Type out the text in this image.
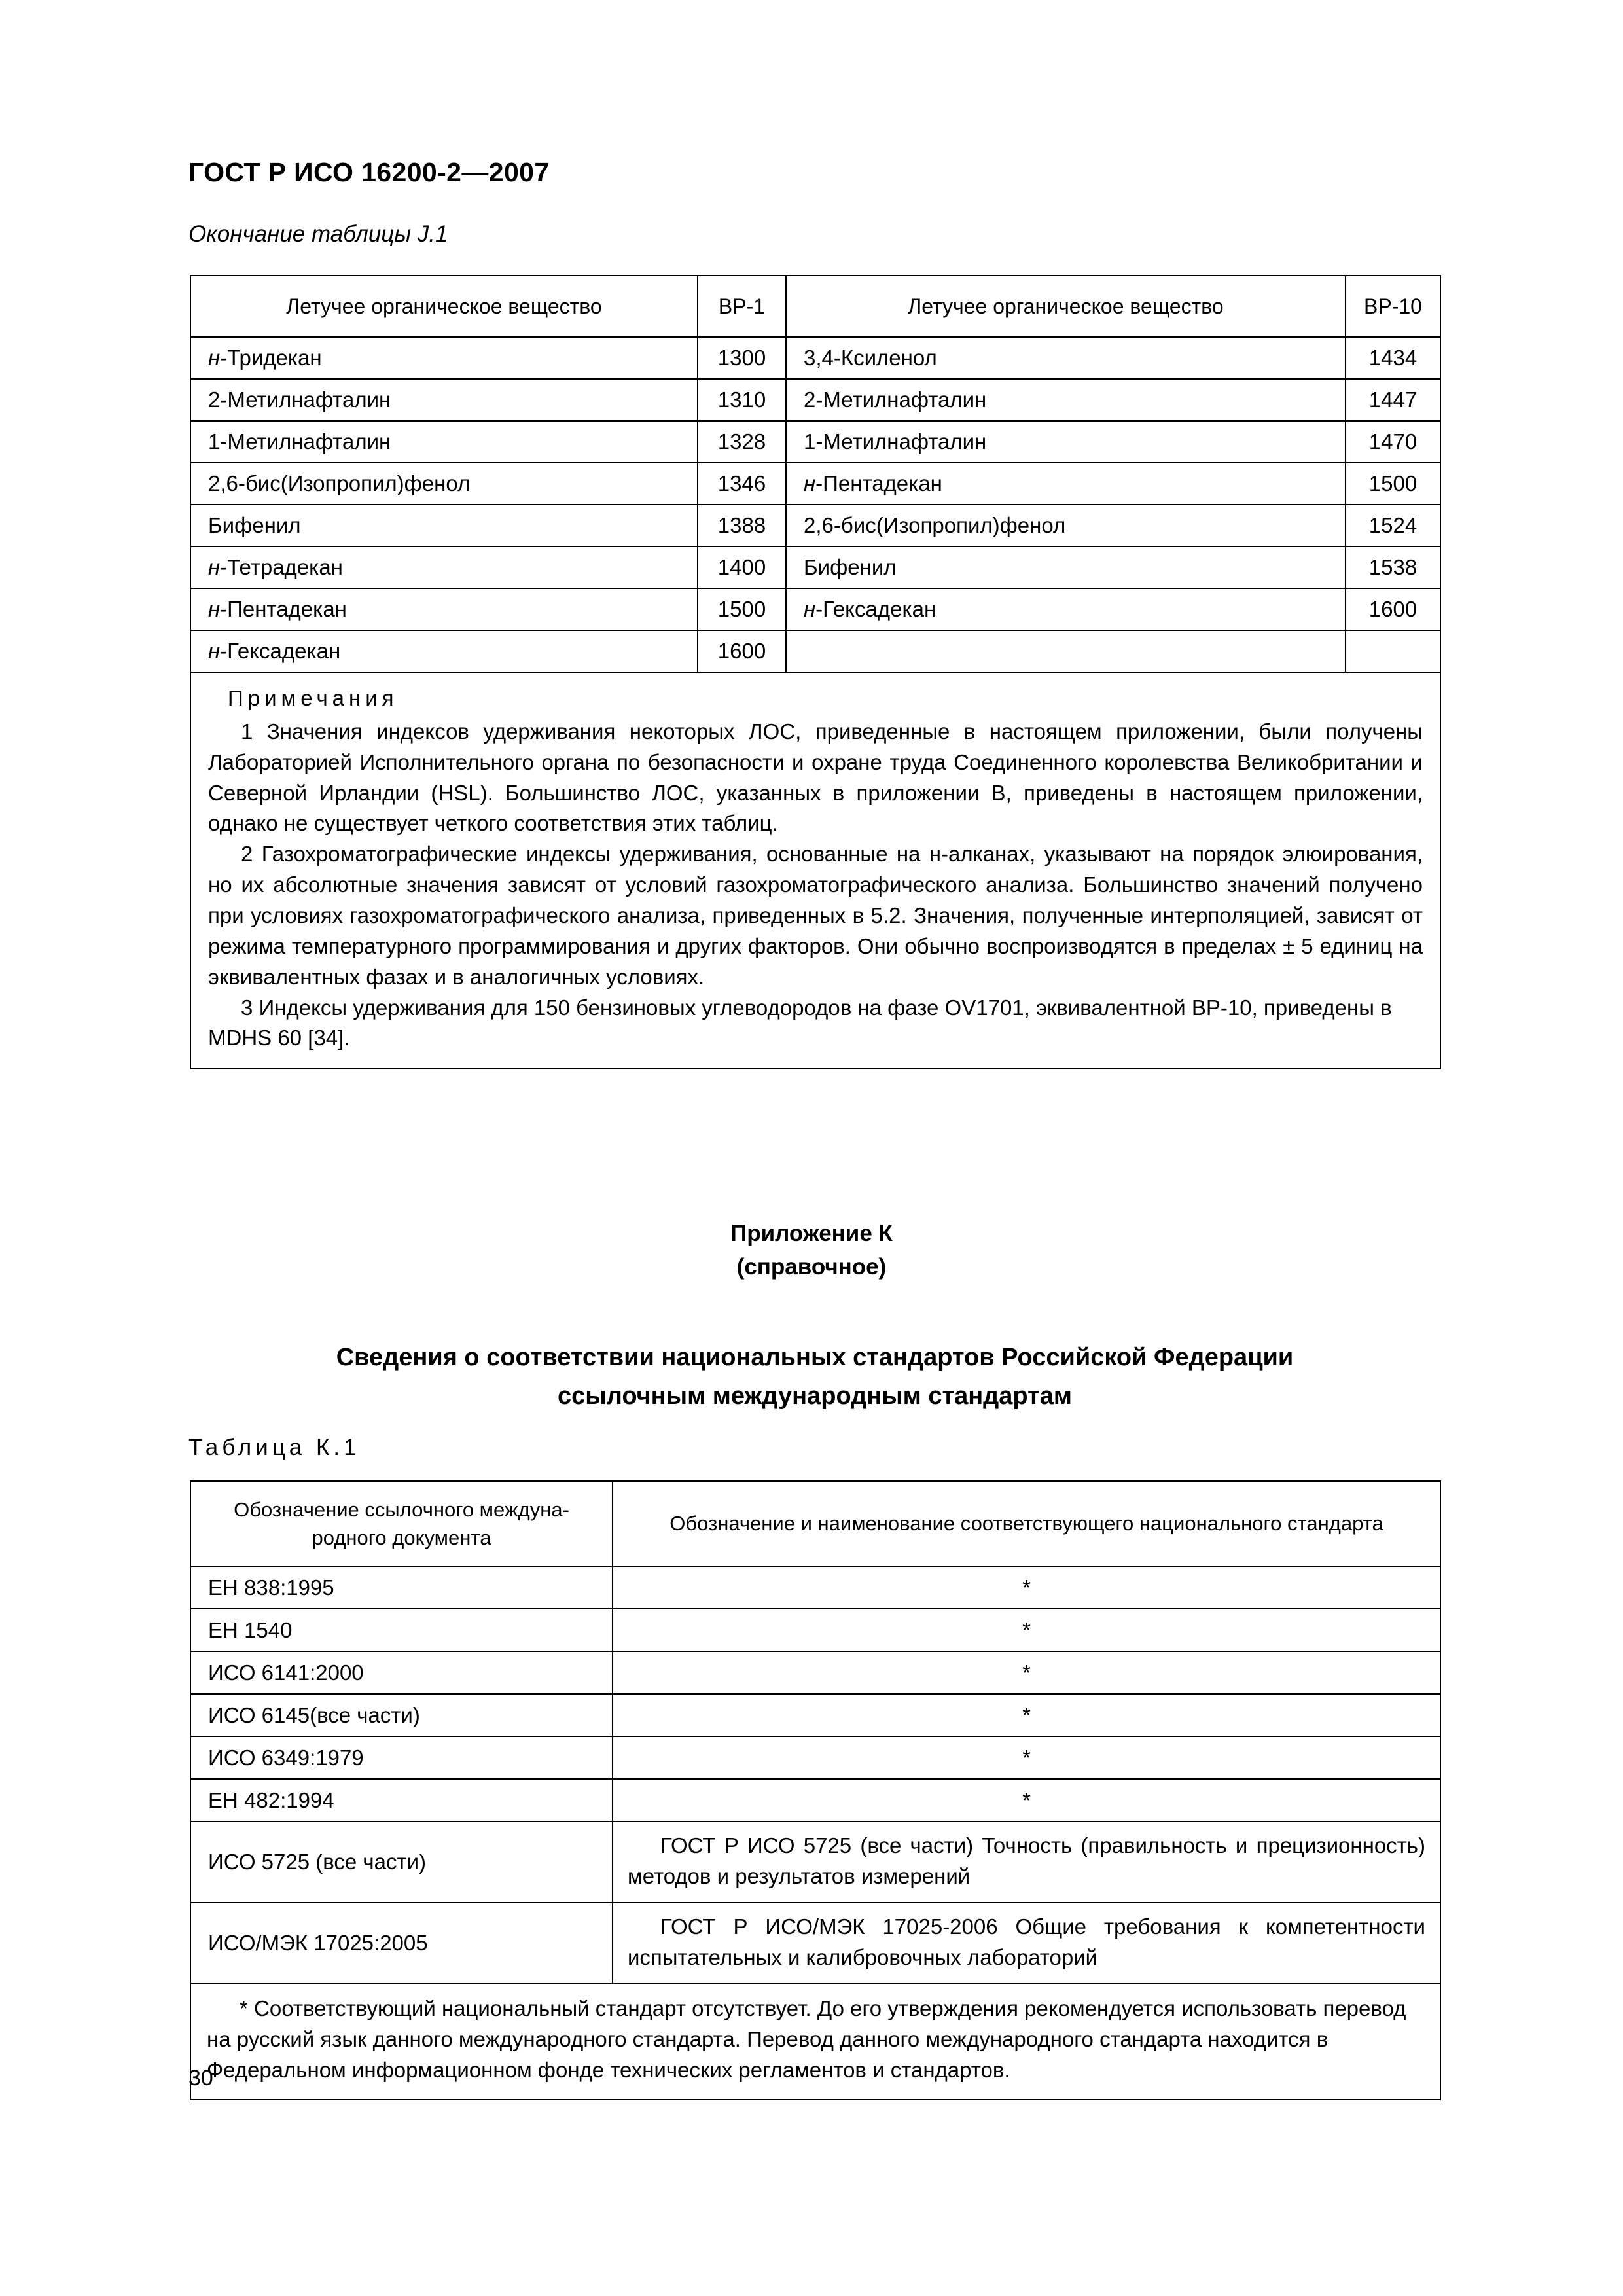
ГОСТ Р ИСО 16200-2—2007
Окончание таблицы J.1
Летучее органическое вещество	BP-1	Летучее органическое вещество	BP-10
н-Тридекан	1300	3,4-Ксиленол	1434
2-Метилнафталин	1310	2-Метилнафталин	1447
1-Метилнафталин	1328	1-Метилнафталин	1470
2,6-бис(Изопропил)фенол	1346	н-Пентадекан	1500
Бифенил	1388	2,6-бис(Изопропил)фенол	1524
н-Тетрадекан	1400	Бифенил	1538
н-Пентадекан	1500	н-Гексадекан	1600
н-Гексадекан	1600		

Примечания

1 Значения индексов удерживания некоторых ЛОС, приведенные в настоящем приложении, были получены Лабораторией Исполнительного органа по безопасности и охране труда Соединенного королевства Великобритании и Северной Ирландии (HSL). Большинство ЛОС, указанных в приложении В, приведены в настоящем приложении, однако не существует четкого соответствия этих таблиц.

2 Газохроматографические индексы удерживания, основанные на н-алканах, указывают на порядок элюирования, но их абсолютные значения зависят от условий газохроматографического анализа. Большинство значений получено при условиях газохроматографического анализа, приведенных в 5.2. Значения, полученные интерполяцией, зависят от режима температурного программирования и других факторов. Они обычно воспроизводятся в пределах ± 5 единиц на эквивалентных фазах и в аналогичных условиях.

3 Индексы удерживания для 150 бензиновых углеводородов на фазе OV1701, эквивалентной BP-10, приведены в MDHS 60 [34].			

Приложение К
(справочное)
Сведения о соответствии национальных стандартов Российской Федерации
ссылочным международным стандартам
Таблица К.1
Обозначение ссылочного междуна-
родного документа	Обозначение и наименование соответствующего национального стандарта
ЕН 838:1995	*
ЕН 1540	*
ИСО 6141:2000	*
ИСО 6145(все части)	*
ИСО 6349:1979	*
ЕН 482:1994	*
ИСО 5725 (все части)	ГОСТ Р ИСО 5725 (все части) Точность (правильность и прецизионность) методов и результатов измерений
ИСО/МЭК 17025:2005	ГОСТ Р ИСО/МЭК 17025-2006 Общие требования к компетентности испытательных и калибровочных лабораторий

* Соответствующий национальный стандарт отсутствует. До его утверждения рекомендуется использовать перевод на русский язык данного международного стандарта. Перевод данного международного стандарта находится в Федеральном информационном фонде технических регламентов и стандартов.	

30
